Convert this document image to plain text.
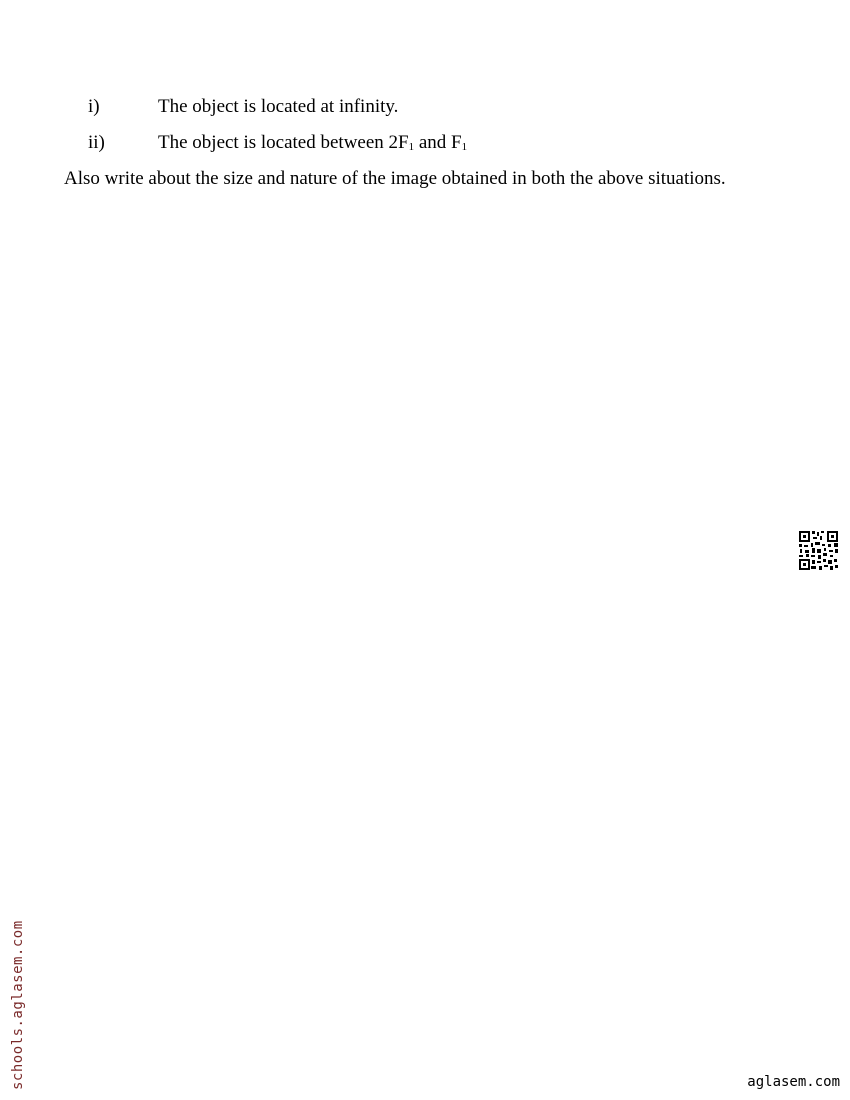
i)	The object is located at infinity.
ii)	The object is located between $2F_1$ and $F_1$
Also write about the size and nature of the image obtained in both the above situations.
schools.aglasem.com	aglasem.com
